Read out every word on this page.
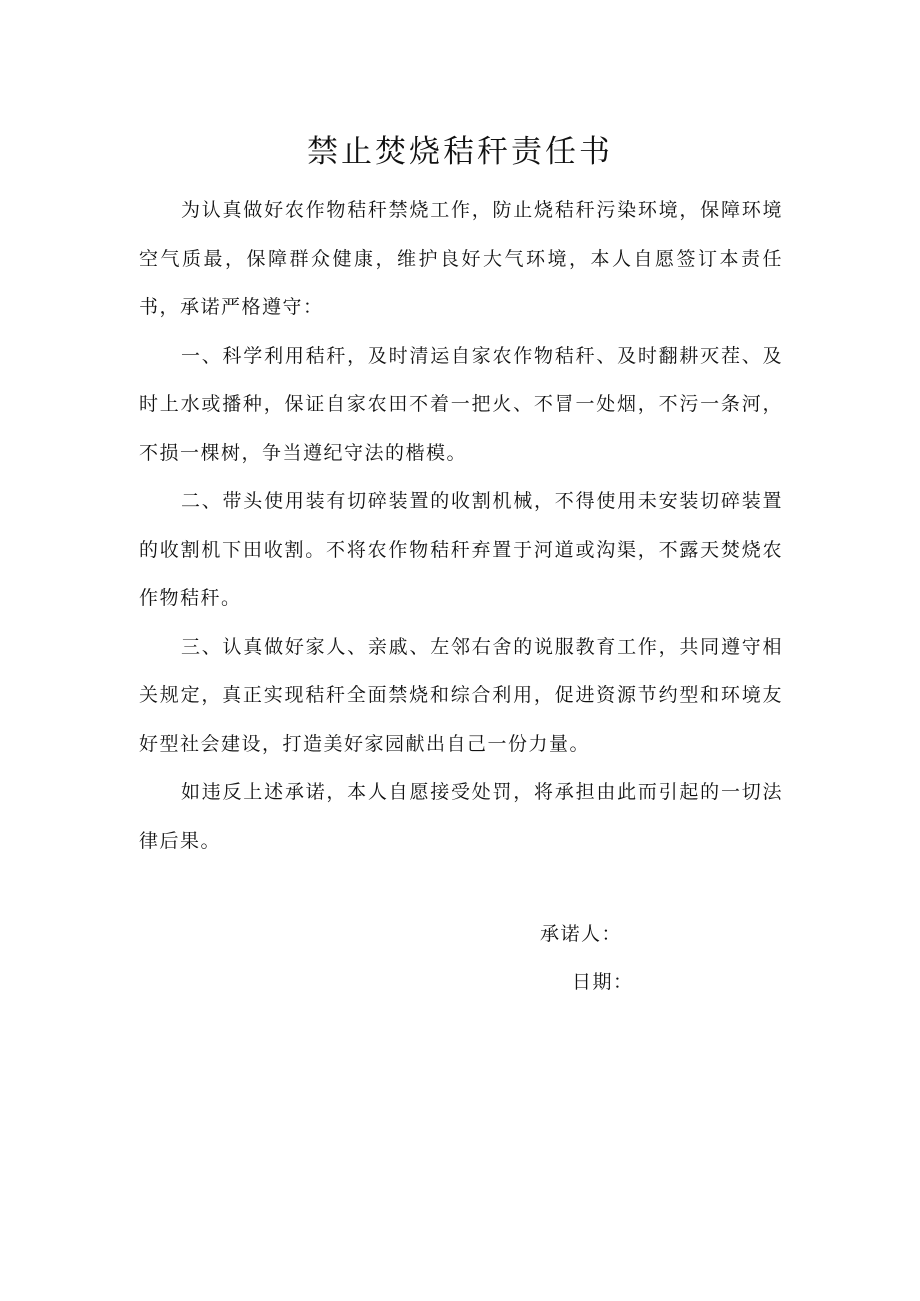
禁止焚烧秸秆责任书

为认真做好农作物秸秆禁烧工作，防止烧秸秆污染环境，保障环境空气质最，保障群众健康，维护良好大气环境，本人自愿签订本责任书，承诺严格遵守：

一、科学利用秸秆，及时清运自家农作物秸秆、及时翻耕灭茬、及时上水或播种，保证自家农田不着一把火、不冒一处烟，不污一条河，不损一棵树，争当遵纪守法的楷模。

二、带头使用装有切碎装置的收割机械，不得使用未安装切碎装置的收割机下田收割。不将农作物秸秆弃置于河道或沟渠，不露天焚烧农作物秸秆。

三、认真做好家人、亲戚、左邻右舍的说服教育工作，共同遵守相关规定，真正实现秸秆全面禁烧和综合利用，促进资源节约型和环境友好型社会建设，打造美好家园献出自己一份力量。

如违反上述承诺，本人自愿接受处罚，将承担由此而引起的一切法律后果。

承诺人：
日期：
